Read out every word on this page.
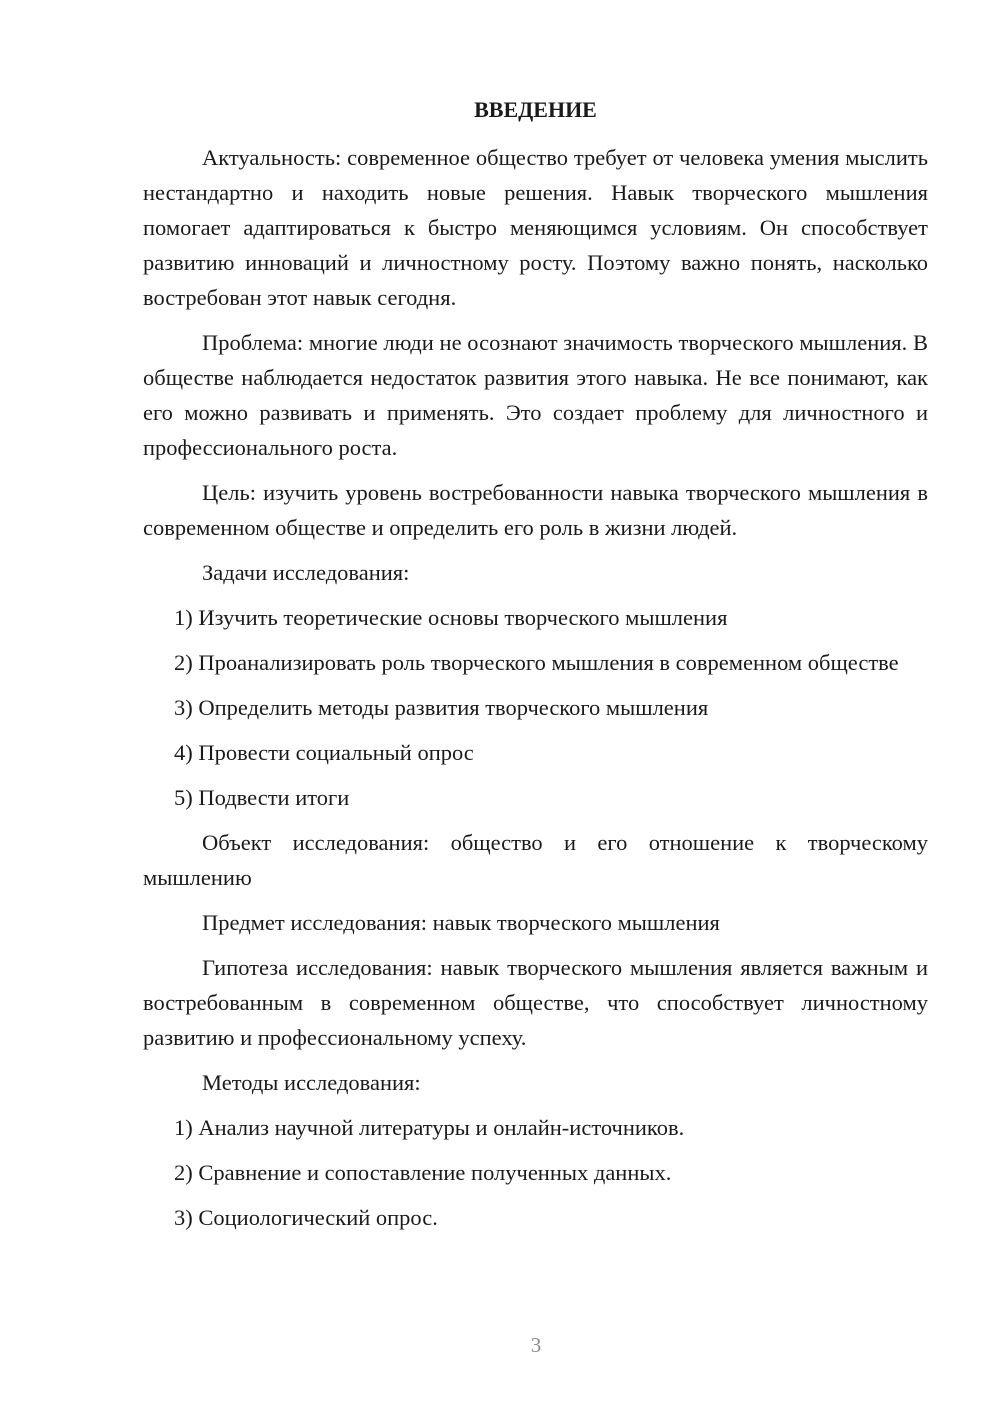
ВВЕДЕНИЕ

Актуальность: современное общество требует от человека умения мыслить нестандартно и находить новые решения. Навык творческого мышления помогает адаптироваться к быстро меняющимся условиям. Он способствует развитию инноваций и личностному росту. Поэтому важно понять, насколько востребован этот навык сегодня.

Проблема: многие люди не осознают значимость творческого мышления. В обществе наблюдается недостаток развития этого навыка. Не все понимают, как его можно развивать и применять. Это создает проблему для личностного и профессионального роста.

Цель: изучить уровень востребованности навыка творческого мышления в современном обществе и определить его роль в жизни людей.

Задачи исследования:

1) Изучить теоретические основы творческого мышления

2) Проанализировать роль творческого мышления в современном обществе

3) Определить методы развития творческого мышления

4) Провести социальный опрос

5) Подвести итоги

Объект исследования: общество и его отношение к творческому мышлению

Предмет исследования: навык творческого мышления

Гипотеза исследования: навык творческого мышления является важным и востребованным в современном обществе, что способствует личностному развитию и профессиональному успеху.

Методы исследования:

1) Анализ научной литературы и онлайн-источников.

2) Сравнение и сопоставление полученных данных.

3) Социологический опрос.

3
